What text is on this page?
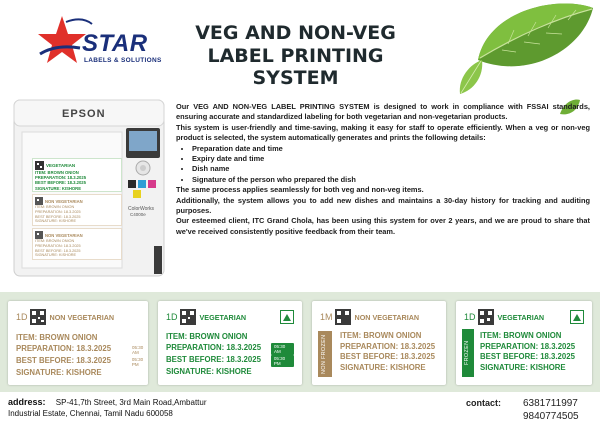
STAR
LABELS & SOLUTIONS
VEG AND NON-VEG
LABEL PRINTING
SYSTEM
EPSON
ColorWorks
C4000e
VEGETARIAN
ITEM: BROWN ONION
PREPARATION: 18.3.2025
BEST BEFORE: 18.3.2025
SIGNATURE: KISHORE
NON VEGETARIAN
ITEM: BROWN ONION
PREPARATION: 18.3.2025
BEST BEFORE: 18.3.2025
SIGNATURE: KISHORE
NON VEGETARIAN
ITEM: BROWN ONION
PREPARATION: 18.3.2025
BEST BEFORE: 18.3.2025
SIGNATURE: KISHORE

Our VEG AND NON-VEG LABEL PRINTING SYSTEM is designed to work in compliance with FSSAI standards, ensuring accurate and standardized labeling for both vegetarian and non-vegetarian products.

This system is user-friendly and time-saving, making it easy for staff to operate efficiently. When a veg or non-veg product is selected, the system automatically generates and prints the following details:

• Preparation date and time
• Expiry date and time
• Dish name
• Signature of the person who prepared the dish

The same process applies seamlessly for both veg and non-veg items.

Additionally, the system allows you to add new dishes and maintains a 30-day history for tracking and auditing purposes.

Our esteemed client, ITC Grand Chola, has been using this system for over 2 years, and we are proud to share that we've received consistently positive feedback from their team.

1D	NON VEGETARIAN
ITEM: BROWN ONION
PREPARATION: 18.3.2025	05:30 AM
BEST BEFORE: 18.3.2025	05:30 PM
SIGNATURE: KISHORE
1D	VEGETARIAN
ITEM: BROWN ONION
PREPARATION: 18.3.2025	05:30 AM
BEST BEFORE: 18.3.2025	05:30 PM
SIGNATURE: KISHORE
1M	NON VEGETARIAN
NON FROZEN ITEM: BROWN ONION
PREPARATION: 18.3.2025
BEST BEFORE: 18.3.2025
SIGNATURE: KISHORE
1D	VEGETARIAN
FROZEN
ITEM: BROWN ONION
PREPARATION: 18.3.2025
BEST BEFORE: 18.3.2025
SIGNATURE: KISHORE
address: SP-41,7th Street, 3rd Main Road,Ambattur
Industrial Estate, Chennai, Tamil Nadu 600058
contact: 6381711997
9840774505
